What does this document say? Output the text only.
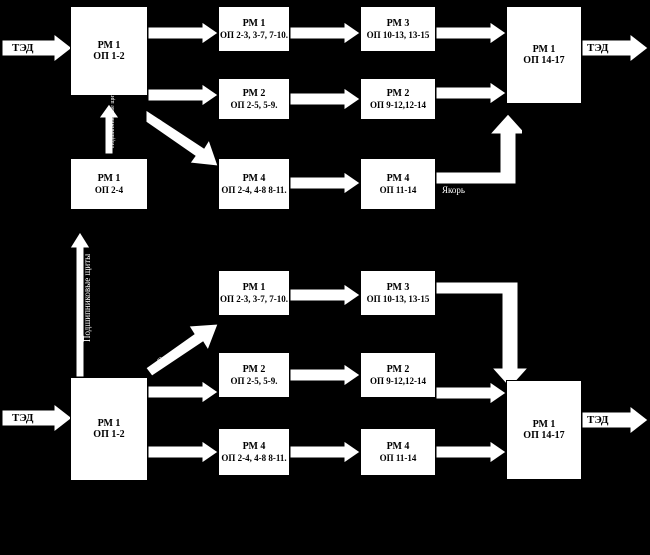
ТЭД	РМ 1
ОП 1-2
Остов
РМ 1
ОП 2-3, 3-7, 7-10. Остов
РМ 3
ОП 10-13, 13-15 Остов
РМ 1
ОП 14-17
ТЭД
Траверса	РМ 2
ОП 2-5, 5-9.
Траверса	РМ 2
ОП 9-12,12-14
Траверса
Якорь
Подшипниковые щиты
РМ 1
ОП 2-4
РМ 4
ОП 2-4, 4-8 8-11.
Якорь	РМ 4
ОП 11-14	Якорь
Подшипниковые щиты
ТЭД	РМ 1
ОП 1-2
Остов
РМ 1
ОП 2-3, 3-7, 7-10.
Остов	РМ 3
ОП 10-13, 13-15
Остов
Траверса
РМ 2
ОП 2-5, 5-9.
Траверса	РМ 2
ОП 9-12,12-14
Якорь
Якорь	РМ 4
ОП 2-4, 4-8 8-11.
Якорь	РМ 4
ОП 11-14
Траверса
РМ 1
ОП 14-17
ТЭД
